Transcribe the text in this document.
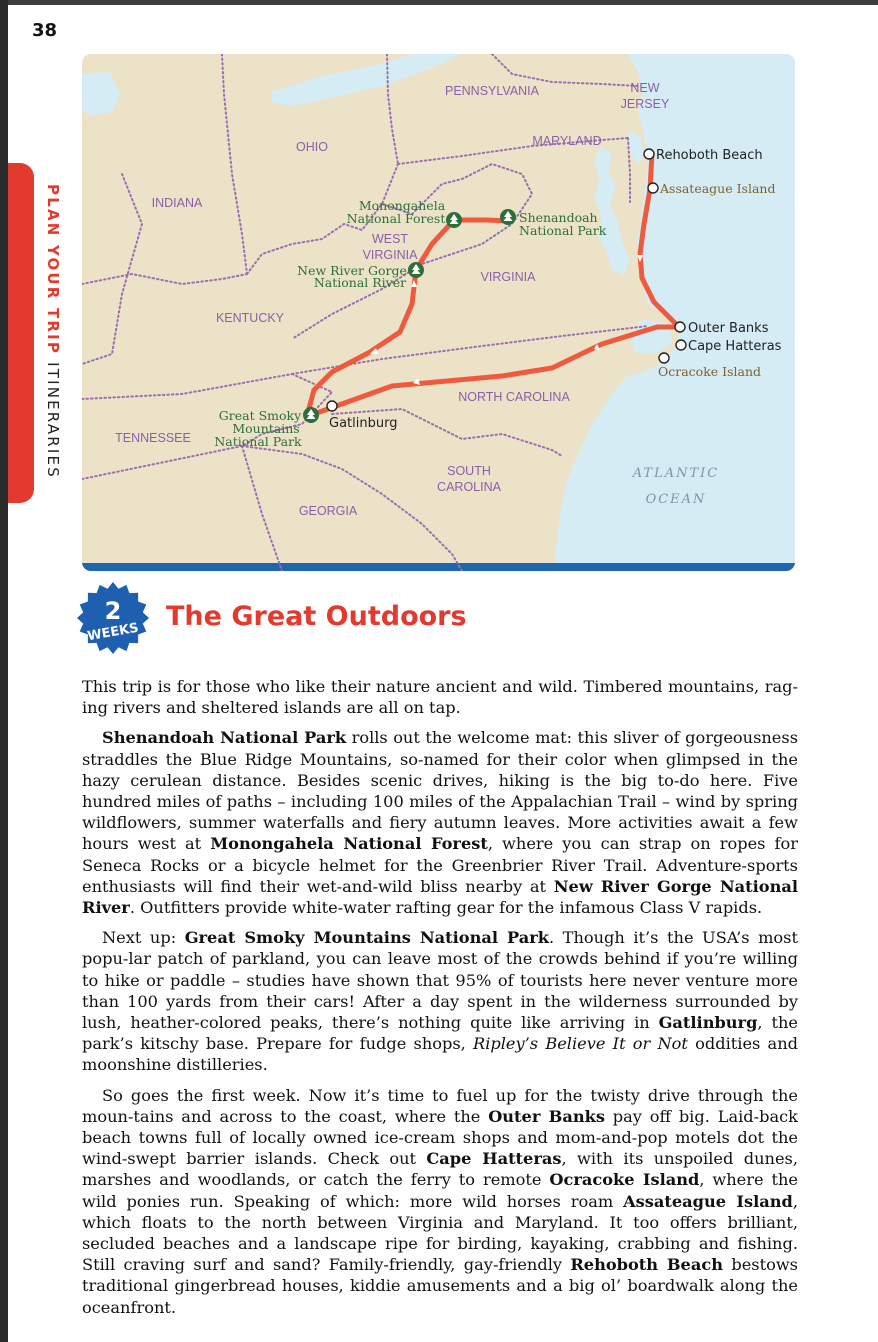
38
PLAN YOUR TRIP ITINERARIES
PENNSYLVANIA	NEW
JERSEY
MARYLAND
OHIO
INDIANA
WEST
VIRGINIA
VIRGINIA
KENTUCKY
NORTH CAROLINA
TENNESSEE
SOUTH
CAROLINA
GEORGIA
ATLANTIC
OCEAN
Monongahela
National Forest	Shenandoah
National Park
New River Gorge
National River
Great Smoky
Mountains
National Park
Rehoboth Beach
Outer Banks
Cape Hatteras
Gatlinburg
Assateague Island
Ocracoke Island
2
WEEKS
The Great Outdoors

This trip is for those who like their nature ancient and wild. Timbered mountains, rag-ing rivers and sheltered islands are all on tap.

Shenandoah National Park rolls out the welcome mat: this sliver of gorgeousness straddles the Blue Ridge Mountains, so-named for their color when glimpsed in the hazy cerulean distance. Besides scenic drives, hiking is the big to-do here. Five hundred miles of paths – including 100 miles of the Appalachian Trail – wind by spring wildflowers, summer waterfalls and fiery autumn leaves. More activities await a few hours west at Monongahela National Forest, where you can strap on ropes for Seneca Rocks or a bicycle helmet for the Greenbrier River Trail. Adventure-sports enthusiasts will find their wet-and-wild bliss nearby at New River Gorge National River. Outfitters provide white-water rafting gear for the infamous Class V rapids.

Next up: Great Smoky Mountains National Park. Though it’s the USA’s most popu-lar patch of parkland, you can leave most of the crowds behind if you’re willing to hike or paddle – studies have shown that 95% of tourists here never venture more than 100 yards from their cars! After a day spent in the wilderness surrounded by lush, heather-colored peaks, there’s nothing quite like arriving in Gatlinburg, the park’s kitschy base. Prepare for fudge shops, Ripley’s Believe It or Not oddities and moonshine distilleries.

So goes the first week. Now it’s time to fuel up for the twisty drive through the moun-tains and across to the coast, where the Outer Banks pay off big. Laid-back beach towns full of locally owned ice-cream shops and mom-and-pop motels dot the wind-swept barrier islands. Check out Cape Hatteras, with its unspoiled dunes, marshes and woodlands, or catch the ferry to remote Ocracoke Island, where the wild ponies run. Speaking of which: more wild horses roam Assateague Island, which floats to the north between Virginia and Maryland. It too offers brilliant, secluded beaches and a landscape ripe for birding, kayaking, crabbing and fishing. Still craving surf and sand? Family-friendly, gay-friendly Rehoboth Beach bestows traditional gingerbread houses, kiddie amusements and a big ol’ boardwalk along the oceanfront.
